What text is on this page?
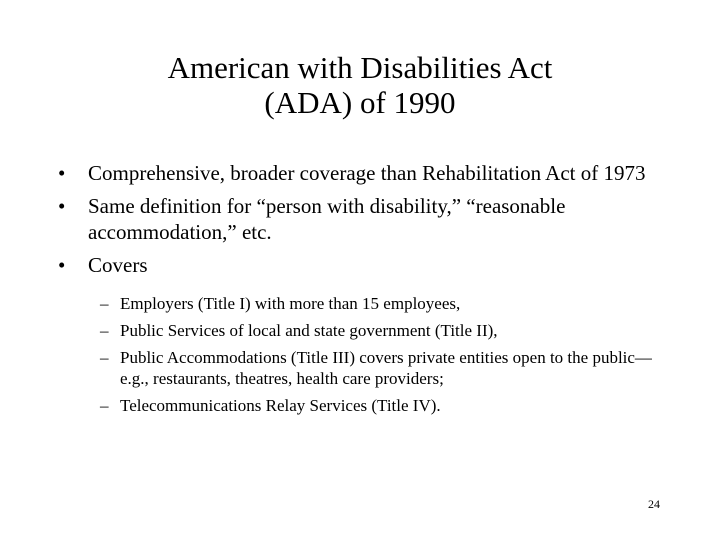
American with Disabilities Act
(ADA) of 1990
•	Comprehensive, broader coverage than Rehabilitation Act of 1973
•	Same definition for “person with disability,” “reasonable accommodation,” etc.
•	Covers
– Employers (Title I) with more than 15 employees,
– Public Services of local and state government (Title II),
– Public Accommodations (Title III) covers private entities open to the public—e.g., restaurants, theatres, health care providers;
– Telecommunications Relay Services (Title IV).
24
